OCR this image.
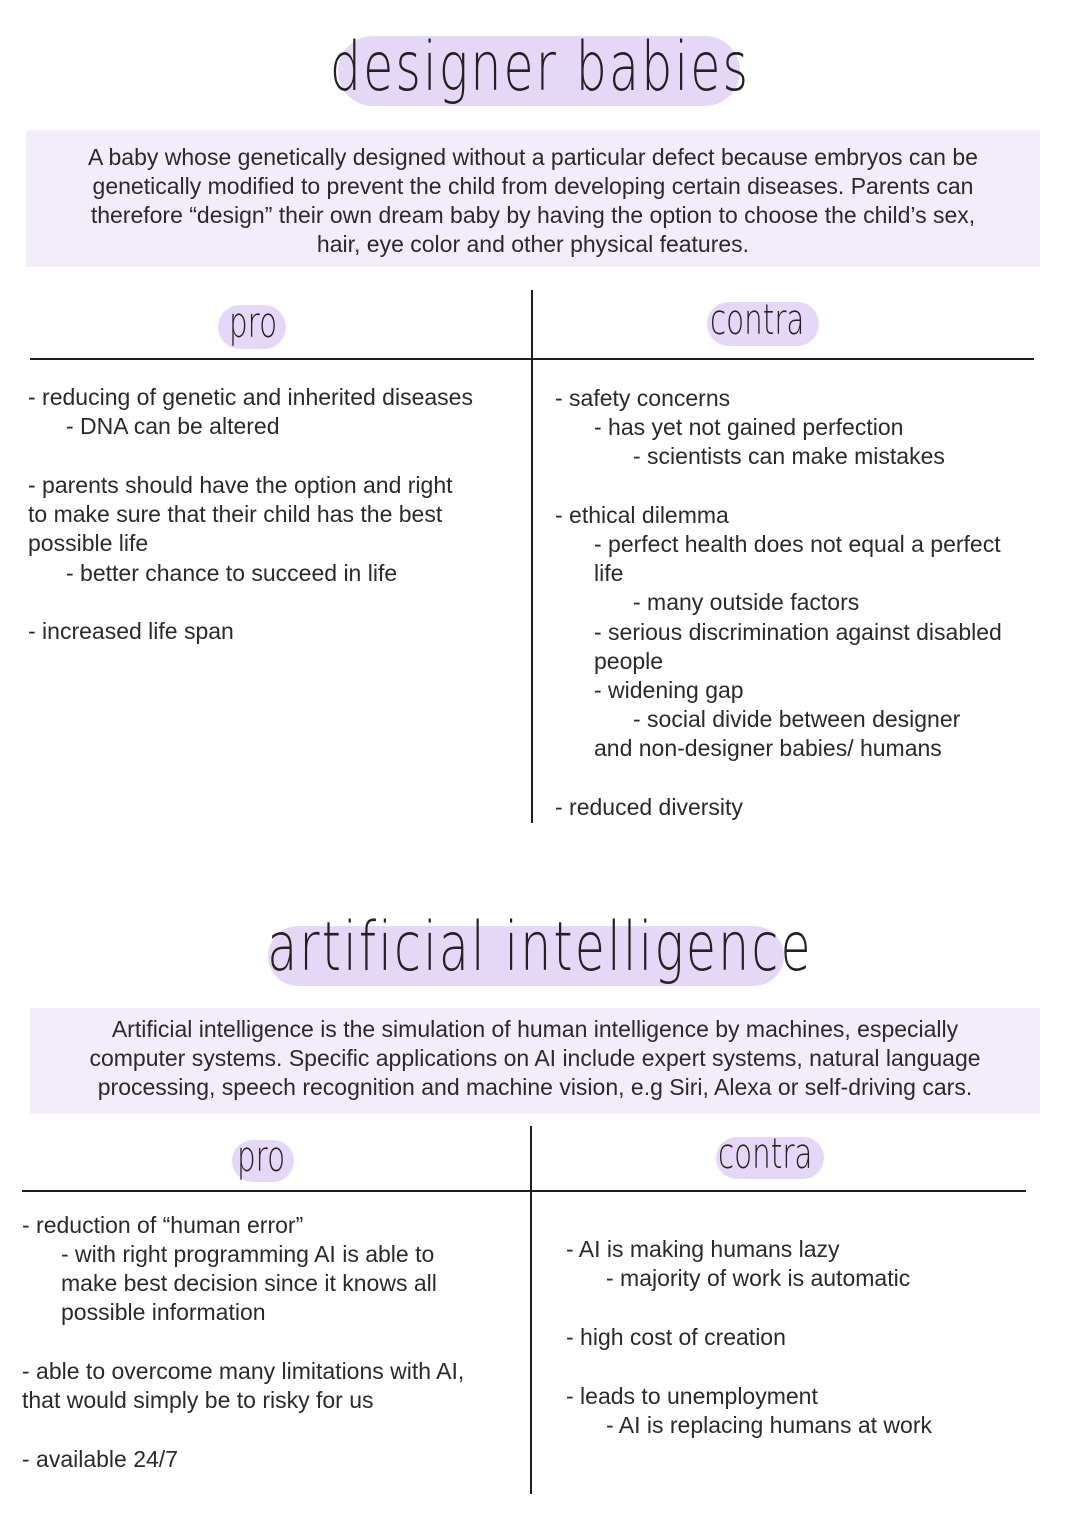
designer babies
A baby whose genetically designed without a particular defect because embryos can be
genetically modified to prevent the child from developing certain diseases. Parents can
therefore “design” their own dream baby by having the option to choose the child’s sex,
hair, eye color and other physical features.
pro	contra
- reducing of genetic and inherited diseases
- DNA can be altered
- parents should have the option and right
to make sure that their child has the best
possible life
- better chance to succeed in life
- increased life span
- safety concerns
- has yet not gained perfection
- scientists can make mistakes
- ethical dilemma
- perfect health does not equal a perfect
life
- many outside factors
- serious discrimination against disabled
people
- widening gap
- social divide between designer
and non-designer babies/ humans
- reduced diversity
artificial intelligence
Artificial intelligence is the simulation of human intelligence by machines, especially
computer systems. Specific applications on AI include expert systems, natural language
processing, speech recognition and machine vision, e.g Siri, Alexa or self-driving cars.
pro	contra
- reduction of “human error”
- with right programming AI is able to
make best decision since it knows all
possible information
- able to overcome many limitations with AI,
that would simply be to risky for us
- available 24/7
- AI is making humans lazy
- majority of work is automatic
- high cost of creation
- leads to unemployment
- AI is replacing humans at work
